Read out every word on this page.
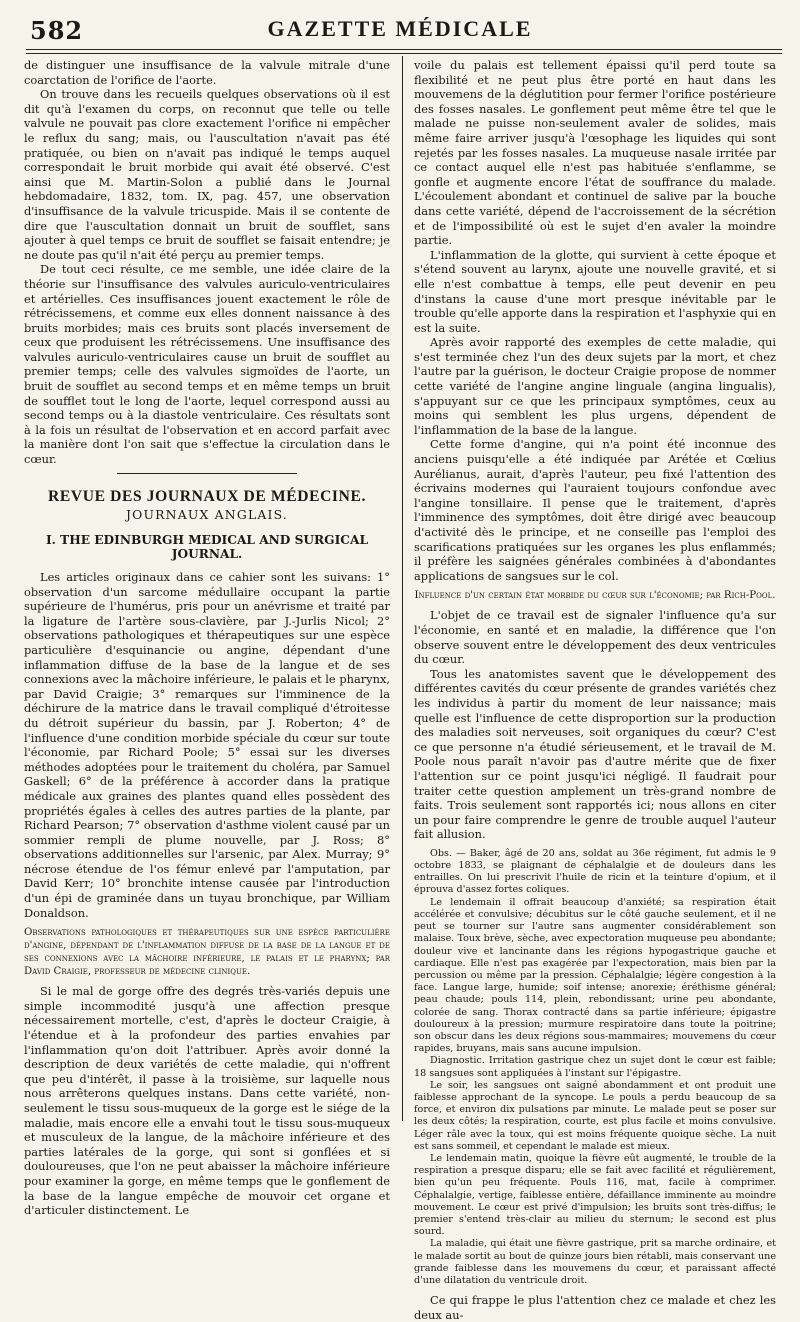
582	GAZETTE MÉDICALE

de distinguer une insuffisance de la valvule mitrale d'une coarctation de l'orifice de l'aorte.

On trouve dans les recueils quelques observations où il est dit qu'à l'examen du corps, on reconnut que telle ou telle valvule ne pouvait pas clore exactement l'orifice ni empêcher le reflux du sang; mais, ou l'auscultation n'avait pas été pratiquée, ou bien on n'avait pas indiqué le temps auquel correspondait le bruit morbide qui avait été observé. C'est ainsi que M. Martin-Solon a publié dans le Journal hebdomadaire, 1832, tom. IX, pag. 457, une observation d'insuffisance de la valvule tricuspide. Mais il se contente de dire que l'auscultation donnait un bruit de soufflet, sans ajouter à quel temps ce bruit de soufflet se faisait entendre; je ne doute pas qu'il n'ait été perçu au premier temps.

De tout ceci résulte, ce me semble, une idée claire de la théorie sur l'insuffisance des valvules auriculo-ventriculaires et artérielles. Ces insuffisances jouent exactement le rôle de rétrécissemens, et comme eux elles donnent naissance à des bruits morbides; mais ces bruits sont placés inversement de ceux que produisent les rétrécissemens. Une insuffisance des valvules auriculo-ventriculaires cause un bruit de soufflet au premier temps; celle des valvules sigmoïdes de l'aorte, un bruit de soufflet au second temps et en même temps un bruit de soufflet tout le long de l'aorte, lequel correspond aussi au second temps ou à la diastole ventriculaire. Ces résultats sont à la fois un résultat de l'observation et en accord parfait avec la manière dont l'on sait que s'effectue la circulation dans le cœur.

REVUE DES JOURNAUX DE MÉDECINE.
JOURNAUX ANGLAIS.
I. THE EDINBURGH MEDICAL AND SURGICAL JOURNAL.

Les articles originaux dans ce cahier sont les suivans: 1° observation d'un sarcome médullaire occupant la partie supérieure de l'humérus, pris pour un anévrisme et traité par la ligature de l'artère sous-clavière, par J.-Jurlis Nicol; 2° observations pathologiques et thérapeutiques sur une espèce particulière d'esquinancie ou angine, dépendant d'une inflammation diffuse de la base de la langue et de ses connexions avec la mâchoire inférieure, le palais et le pharynx, par David Craigie; 3° remarques sur l'imminence de la déchirure de la matrice dans le travail compliqué d'étroitesse du détroit supérieur du bassin, par J. Roberton; 4° de l'influence d'une condition morbide spéciale du cœur sur toute l'économie, par Richard Poole; 5° essai sur les diverses méthodes adoptées pour le traitement du choléra, par Samuel Gaskell; 6° de la préférence à accorder dans la pratique médicale aux graines des plantes quand elles possèdent des propriétés égales à celles des autres parties de la plante, par Richard Pearson; 7° observation d'asthme violent causé par un sommier rempli de plume nouvelle, par J. Ross; 8° observations additionnelles sur l'arsenic, par Alex. Murray; 9° nécrose étendue de l'os fémur enlevé par l'amputation, par David Kerr; 10° bronchite intense causée par l'introduction d'un épi de graminée dans un tuyau bronchique, par William Donaldson.

Observations pathologiques et thérapeutiques sur une espèce particulière d'angine, dépendant de l'inflammation diffuse de la base de la langue et de ses connexions avec la mâchoire inférieure, le palais et le pharynx; par David Craigie, professeur de médecine clinique.

Si le mal de gorge offre des degrés très-variés depuis une simple incommodité jusqu'à une affection presque nécessairement mortelle, c'est, d'après le docteur Craigie, à l'étendue et à la profondeur des parties envahies par l'inflammation qu'on doit l'attribuer. Après avoir donné la description de deux variétés de cette maladie, qui n'offrent que peu d'intérêt, il passe à la troisième, sur laquelle nous nous arrêterons quelques instans. Dans cette variété, non-seulement le tissu sous-muqueux de la gorge est le siége de la maladie, mais encore elle a envahi tout le tissu sous-muqueux et musculeux de la langue, de la mâchoire inférieure et des parties latérales de la gorge, qui sont si gonflées et si douloureuses, que l'on ne peut abaisser la mâchoire inférieure pour examiner la gorge, en même temps que le gonflement de la base de la langue empêche de mouvoir cet organe et d'articuler distinctement. Le

voile du palais est tellement épaissi qu'il perd toute sa flexibilité et ne peut plus être porté en haut dans les mouvemens de la déglutition pour fermer l'orifice postérieure des fosses nasales. Le gonflement peut même être tel que le malade ne puisse non-seulement avaler de solides, mais même faire arriver jusqu'à l'œsophage les liquides qui sont rejetés par les fosses nasales. La muqueuse nasale irritée par ce contact auquel elle n'est pas habituée s'enflamme, se gonfle et augmente encore l'état de souffrance du malade. L'écoulement abondant et continuel de salive par la bouche dans cette variété, dépend de l'accroissement de la sécrétion et de l'impossibilité où est le sujet d'en avaler la moindre partie.

L'inflammation de la glotte, qui survient à cette époque et s'étend souvent au larynx, ajoute une nouvelle gravité, et si elle n'est combattue à temps, elle peut devenir en peu d'instans la cause d'une mort presque inévitable par le trouble qu'elle apporte dans la respiration et l'asphyxie qui en est la suite.

Après avoir rapporté des exemples de cette maladie, qui s'est terminée chez l'un des deux sujets par la mort, et chez l'autre par la guérison, le docteur Craigie propose de nommer cette variété de l'angine angine linguale (angina lingualis), s'appuyant sur ce que les principaux symptômes, ceux au moins qui semblent les plus urgens, dépendent de l'inflammation de la base de la langue.

Cette forme d'angine, qui n'a point été inconnue des anciens puisqu'elle a été indiquée par Arétée et Cœlius Aurélianus, aurait, d'après l'auteur, peu fixé l'attention des écrivains modernes qui l'auraient toujours confondue avec l'angine tonsillaire. Il pense que le traitement, d'après l'imminence des symptômes, doit être dirigé avec beaucoup d'activité dès le principe, et ne conseille pas l'emploi des scarifications pratiquées sur les organes les plus enflammés; il préfère les saignées générales combinées à d'abondantes applications de sangsues sur le col.

Influence d'un certain état morbide du cœur sur l'économie; par Rich-Pool.

L'objet de ce travail est de signaler l'influence qu'a sur l'économie, en santé et en maladie, la différence que l'on observe souvent entre le développement des deux ventricules du cœur.

Tous les anatomistes savent que le développement des différentes cavités du cœur présente de grandes variétés chez les individus à partir du moment de leur naissance; mais quelle est l'influence de cette disproportion sur la production des maladies soit nerveuses, soit organiques du cœur? C'est ce que personne n'a étudié sérieusement, et le travail de M. Poole nous paraît n'avoir pas d'autre mérite que de fixer l'attention sur ce point jusqu'ici négligé. Il faudrait pour traiter cette question amplement un très-grand nombre de faits. Trois seulement sont rapportés ici; nous allons en citer un pour faire comprendre le genre de trouble auquel l'auteur fait allusion.

Obs. — Baker, âgé de 20 ans, soldat au 36e régiment, fut admis le 9 octobre 1833, se plaignant de céphalalgie et de douleurs dans les entrailles. On lui prescrivit l'huile de ricin et la teinture d'opium, et il éprouva d'assez fortes coliques.

Le lendemain il offrait beaucoup d'anxiété; sa respiration était accélérée et convulsive; décubitus sur le côté gauche seulement, et il ne peut se tourner sur l'autre sans augmenter considérablement son malaise. Toux brève, sèche, avec expectoration muqueuse peu abondante; douleur vive et lancinante dans les régions hypogastrique gauche et cardiaque. Elle n'est pas exagérée par l'expectoration, mais bien par la percussion ou même par la pression. Céphalalgie; légère congestion à la face. Langue large, humide; soif intense; anorexie; éréthisme général; peau chaude; pouls 114, plein, rebondissant; urine peu abondante, colorée de sang. Thorax contracté dans sa partie inférieure; épigastre douloureux à la pression; murmure respiratoire dans toute la poitrine; son obscur dans les deux régions sous-mammaires; mouvemens du cœur rapides, bruyans, mais sans aucune impulsion.

Diagnostic. Irritation gastrique chez un sujet dont le cœur est faible; 18 sangsues sont appliquées à l'instant sur l'épigastre.

Le soir, les sangsues ont saigné abondamment et ont produit une faiblesse approchant de la syncope. Le pouls a perdu beaucoup de sa force, et environ dix pulsations par minute. Le malade peut se poser sur les deux côtés; la respiration, courte, est plus facile et moins convulsive. Léger râle avec la toux, qui est moins fréquente quoique sèche. La nuit est sans sommeil, et cependant le malade est mieux.

Le lendemain matin, quoique la fièvre eût augmenté, le trouble de la respiration a presque disparu; elle se fait avec facilité et régulièrement, bien qu'un peu fréquente. Pouls 116, mat, facile à comprimer. Céphalalgie, vertige, faiblesse entière, défaillance imminente au moindre mouvement. Le cœur est privé d'impulsion; les bruits sont très-diffus; le premier s'entend très-clair au milieu du sternum; le second est plus sourd.

La maladie, qui était une fièvre gastrique, prit sa marche ordinaire, et le malade sortit au bout de quinze jours bien rétabli, mais conservant une grande faiblesse dans les mouvemens du cœur, et paraissant affecté d'une dilatation du ventricule droit.

Ce qui frappe le plus l'attention chez ce malade et chez les deux au-
